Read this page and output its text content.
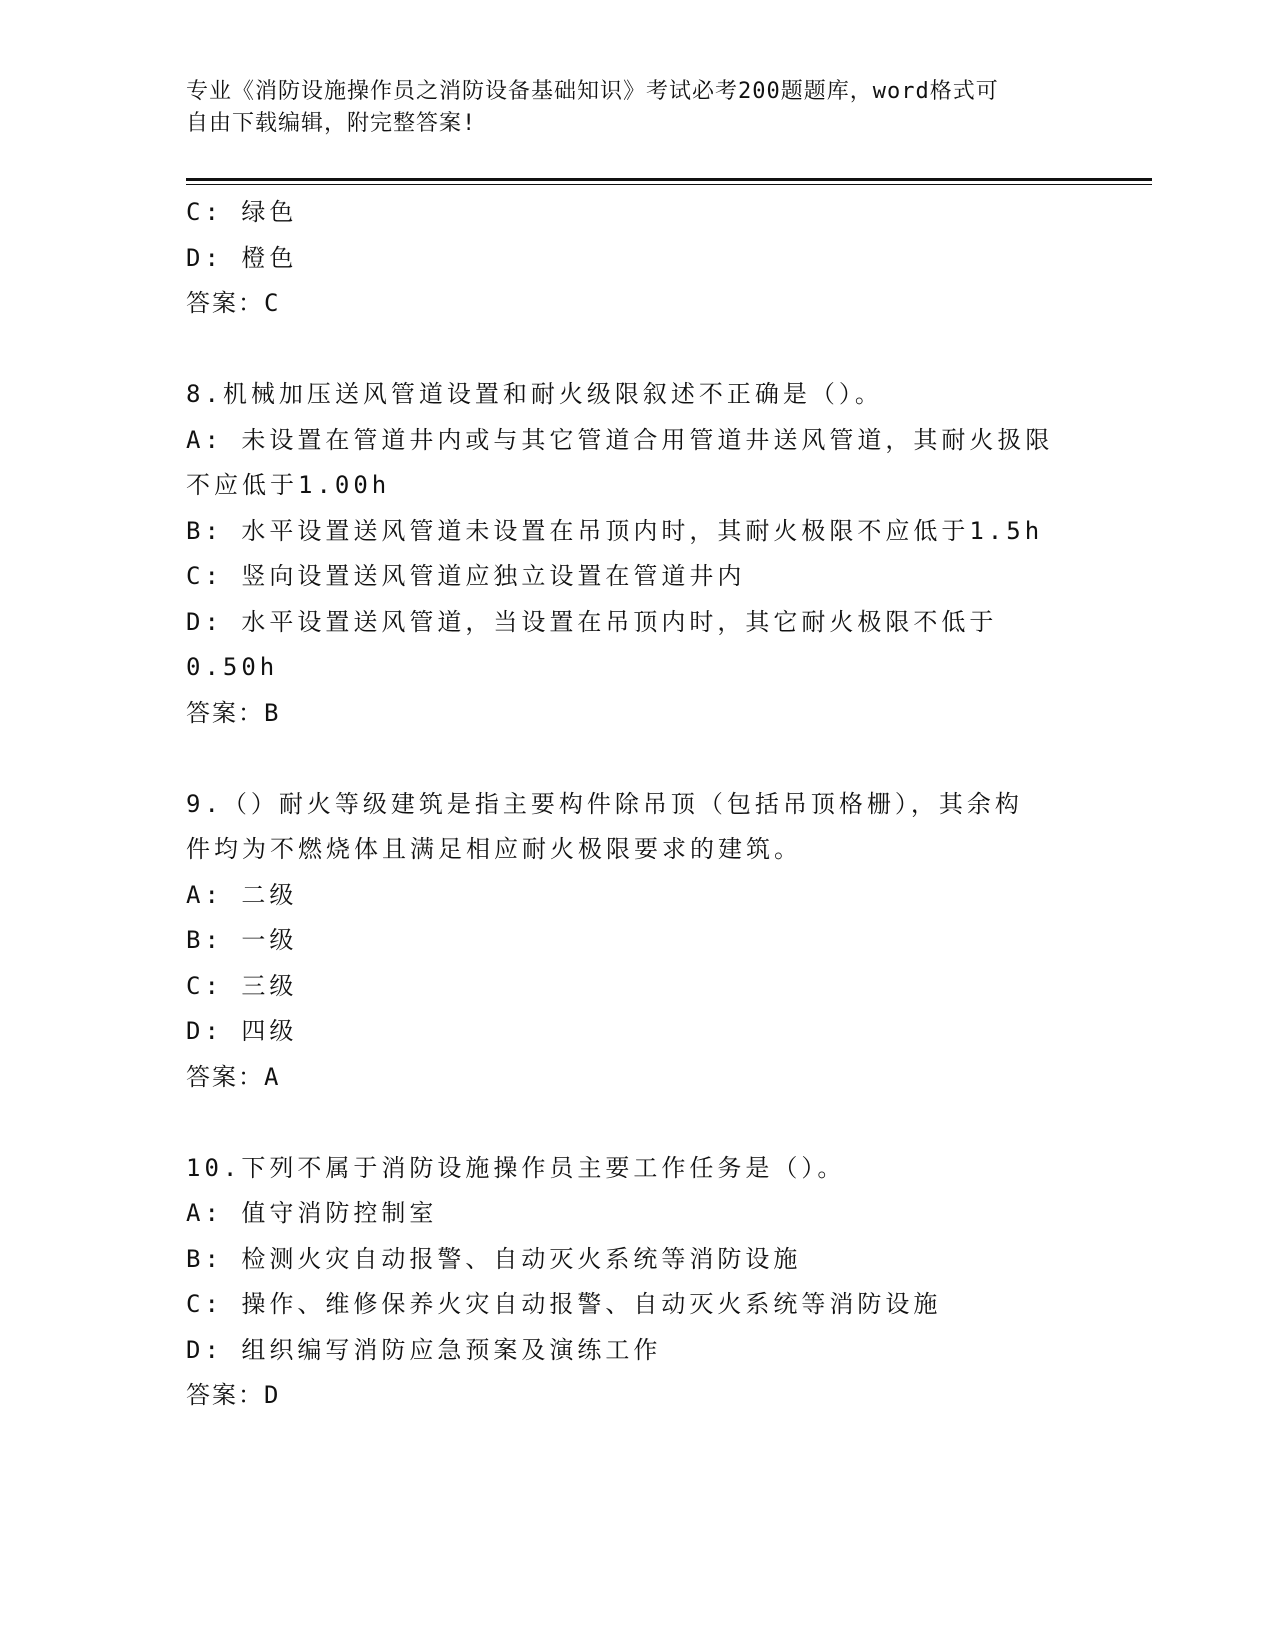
专业《消防设施操作员之消防设备基础知识》考试必考200题题库，word格式可
自由下载编辑，附完整答案!
C: 绿色
D: 橙色
答案：C
8.机械加压送风管道设置和耐火级限叙述不正确是（）。
A: 未设置在管道井内或与其它管道合用管道井送风管道，其耐火扱限
不应低于1.00h
B: 水平设置送风管道未设置在吊顶内时，其耐火极限不应低于1.5h
C: 竖向设置送风管道应独立设置在管道井内
D: 水平设置送风管道，当设置在吊顶内时，其它耐火极限不低于
0.50h
答案：B
9.（）耐火等级建筑是指主要构件除吊顶（包括吊顶格栅），其余构
件均为不燃烧体且满足相应耐火极限要求的建筑。
A: 二级
B: 一级
C: 三级
D: 四级
答案：A
10.下列不属于消防设施操作员主要工作任务是（）。
A: 值守消防控制室
B: 检测火灾自动报警、自动灭火系统等消防设施
C: 操作、维修保养火灾自动报警、自动灭火系统等消防设施
D: 组织编写消防应急预案及演练工作
答案：D
